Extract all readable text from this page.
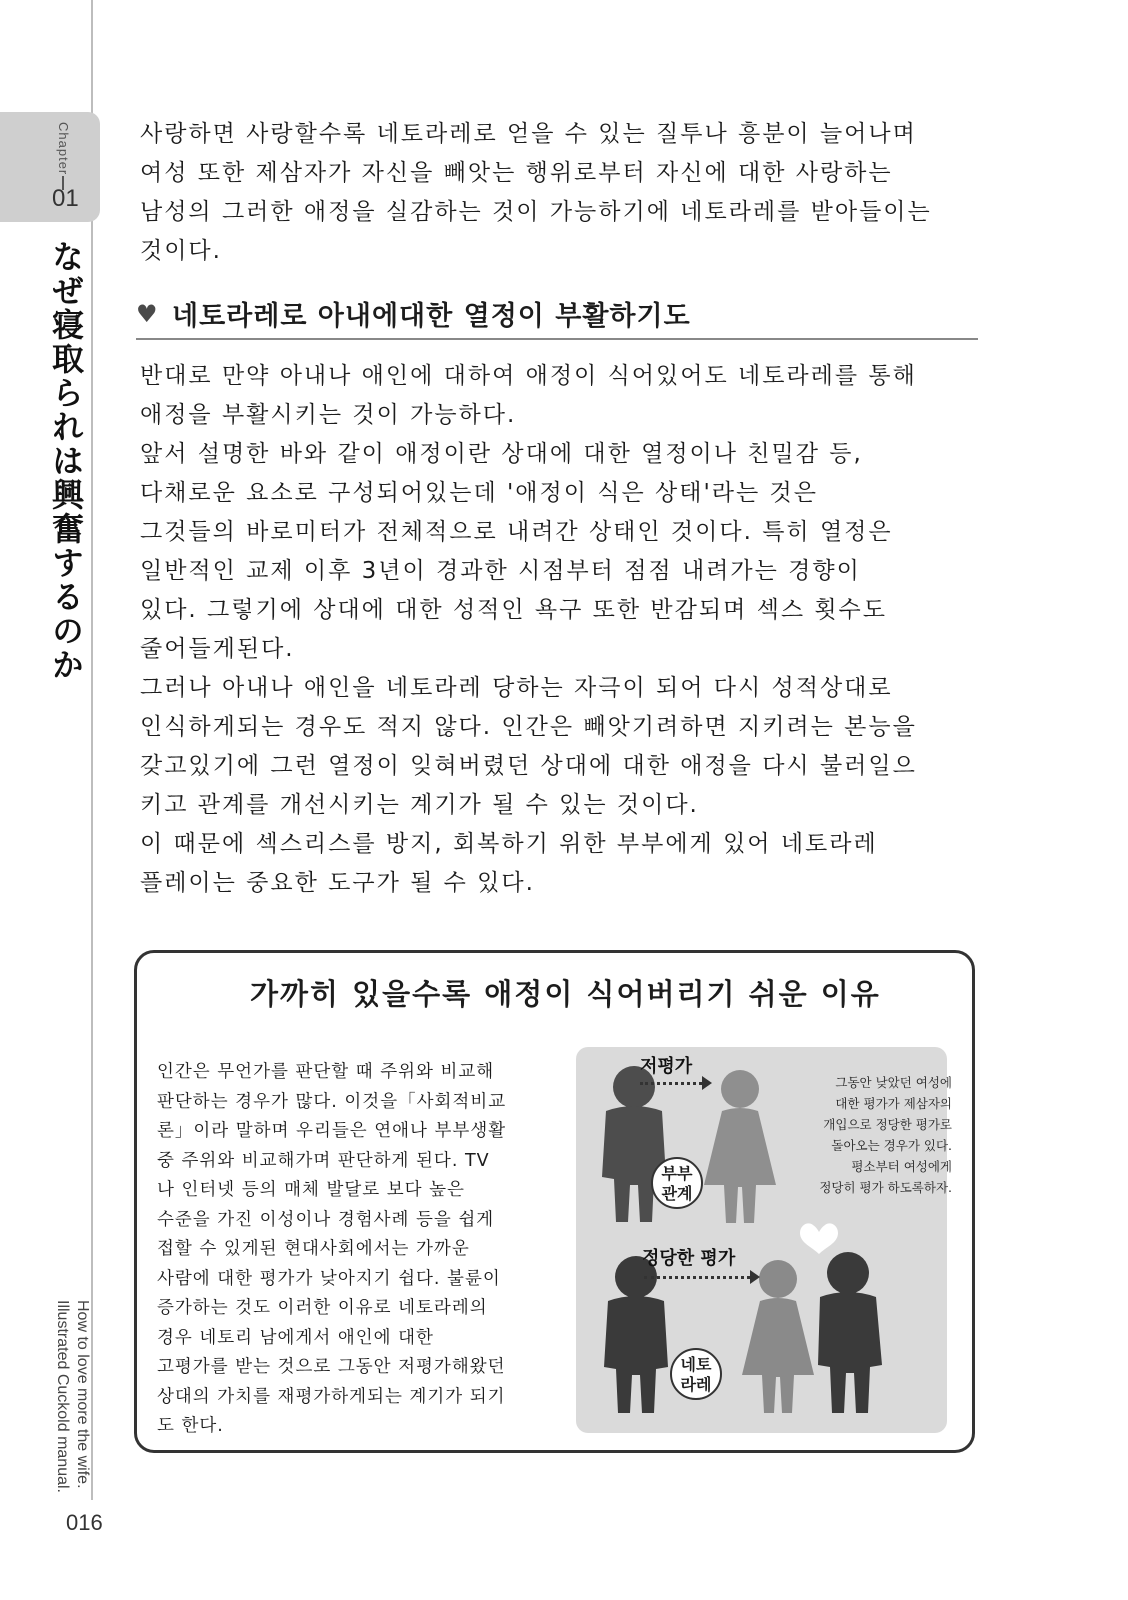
Chapter
01
なぜ寝取られは興奮するのか
How to love more the wife.
Illustrated Cuckold manual.
016

사랑하면 사랑할수록 네토라레로 얻을 수 있는 질투나 흥분이 늘어나며

여성 또한 제삼자가 자신을 빼앗는 행위로부터 자신에 대한 사랑하는

남성의 그러한 애정을 실감하는 것이 가능하기에 네토라레를 받아들이는

것이다.

♥ 네토라레로 아내에대한 열정이 부활하기도

반대로 만약 아내나 애인에 대하여 애정이 식어있어도 네토라레를 통해

애정을 부활시키는 것이 가능하다.

앞서 설명한 바와 같이 애정이란 상대에 대한 열정이나 친밀감 등,

다채로운 요소로 구성되어있는데 '애정이 식은 상태'라는 것은

그것들의 바로미터가 전체적으로 내려간 상태인 것이다. 특히 열정은

일반적인 교제 이후 3년이 경과한 시점부터 점점 내려가는 경향이

있다. 그렇기에 상대에 대한 성적인 욕구 또한 반감되며 섹스 횟수도

줄어들게된다.

그러나 아내나 애인을 네토라레 당하는 자극이 되어 다시 성적상대로

인식하게되는 경우도 적지 않다. 인간은 빼앗기려하면 지키려는 본능을

갖고있기에 그런 열정이 잊혀버렸던 상대에 대한 애정을 다시 불러일으

키고 관계를 개선시키는 계기가 될 수 있는 것이다.

이 때문에 섹스리스를 방지, 회복하기 위한 부부에게 있어 네토라레

플레이는 중요한 도구가 될 수 있다.

가까히 있을수록 애정이 식어버리기 쉬운 이유

인간은 무언가를 판단할 때 주위와 비교해

판단하는 경우가 많다. 이것을「사회적비교

론」이라 말하며 우리들은 연애나 부부생활

중 주위와 비교해가며 판단하게 된다. TV

나 인터넷 등의 매체 발달로 보다 높은

수준을 가진 이성이나 경험사례 등을 쉽게

접할 수 있게된 현대사회에서는 가까운

사람에 대한 평가가 낮아지기 쉽다. 불륜이

증가하는 것도 이러한 이유로 네토라레의

경우 네토리 남에게서 애인에 대한

고평가를 받는 것으로 그동안 저평가해왔던

상대의 가치를 재평가하게되는 계기가 되기

도 한다.

저평가
부부
관계

그동안 낮았던 여성에

대한 평가가 제삼자의

개입으로 정당한 평가로

돌아오는 경우가 있다.

평소부터 여성에게

정당히 평가 하도록하자.

정당한 평가
네토
라레
